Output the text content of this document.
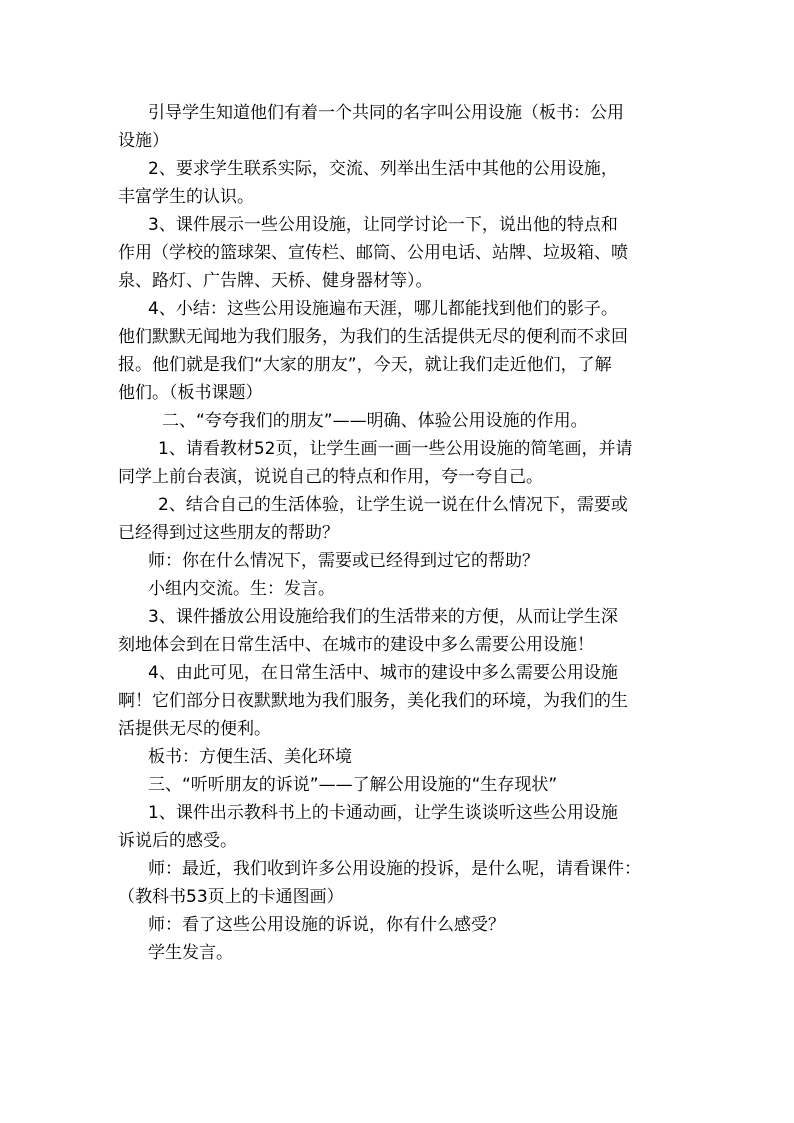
引导学生知道他们有着一个共同的名字叫公用设施（板书：公用
设施）
2、要求学生联系实际，交流、列举出生活中其他的公用设施，
丰富学生的认识。
3、课件展示一些公用设施，让同学讨论一下，说出他的特点和
作用（学校的篮球架、宣传栏、邮筒、公用电话、站牌、垃圾箱、喷
泉、路灯、广告牌、天桥、健身器材等）。
4、小结：这些公用设施遍布天涯，哪儿都能找到他们的影子。
他们默默无闻地为我们服务，为我们的生活提供无尽的便利而不求回
报。他们就是我们“大家的朋友”，今天，就让我们走近他们，了解
他们。（板书课题）
二、“夸夸我们的朋友”——明确、体验公用设施的作用。
1、请看教材52页，让学生画一画一些公用设施的简笔画，并请
同学上前台表演，说说自己的特点和作用，夸一夸自己。
2、结合自己的生活体验，让学生说一说在什么情况下，需要或
已经得到过这些朋友的帮助？
师：你在什么情况下，需要或已经得到过它的帮助？
小组内交流。生：发言。
3、课件播放公用设施给我们的生活带来的方便，从而让学生深
刻地体会到在日常生活中、在城市的建设中多么需要公用设施！
4、由此可见，在日常生活中、城市的建设中多么需要公用设施
啊！它们部分日夜默默地为我们服务，美化我们的环境，为我们的生
活提供无尽的便利。
板书：方便生活、美化环境
三、“听听朋友的诉说”——了解公用设施的“生存现状”
1、课件出示教科书上的卡通动画，让学生谈谈听这些公用设施
诉说后的感受。
师：最近，我们收到许多公用设施的投诉，是什么呢，请看课件：
（教科书53页上的卡通图画）
师：看了这些公用设施的诉说，你有什么感受？
学生发言。
